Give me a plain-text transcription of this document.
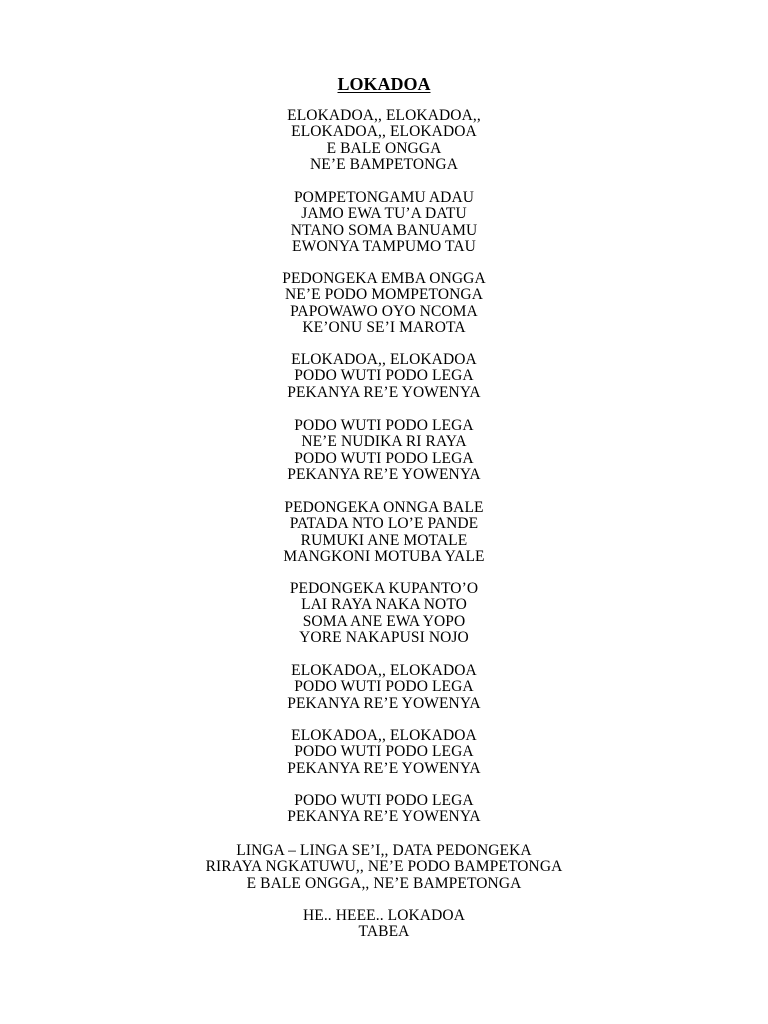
LOKADOA
ELOKADOA,, ELOKADOA,,
ELOKADOA,, ELOKADOA
E BALE ONGGA
NE’E BAMPETONGA
POMPETONGAMU ADAU
JAMO EWA TU’A DATU
NTANO SOMA BANUAMU
EWONYA TAMPUMO TAU
PEDONGEKA EMBA ONGGA
NE’E PODO MOMPETONGA
PAPOWAWO OYO NCOMA
KE’ONU SE’I MAROTA
ELOKADOA,, ELOKADOA
PODO WUTI PODO LEGA
PEKANYA RE’E YOWENYA
PODO WUTI PODO LEGA
NE’E NUDIKA RI RAYA
PODO WUTI PODO LEGA
PEKANYA RE’E YOWENYA
PEDONGEKA ONNGA BALE
PATADA NTO LO’E PANDE
RUMUKI ANE MOTALE
MANGKONI MOTUBA YALE
PEDONGEKA KUPANTO’O
LAI RAYA NAKA NOTO
SOMA ANE EWA YOPO
YORE NAKAPUSI NOJO
ELOKADOA,, ELOKADOA
PODO WUTI PODO LEGA
PEKANYA RE’E YOWENYA
ELOKADOA,, ELOKADOA
PODO WUTI PODO LEGA
PEKANYA RE’E YOWENYA
PODO WUTI PODO LEGA
PEKANYA RE’E YOWENYA
LINGA – LINGA SE’I,, DATA PEDONGEKA
RIRAYA NGKATUWU,, NE’E PODO BAMPETONGA
E BALE ONGGA,, NE’E BAMPETONGA
HE.. HEEE.. LOKADOA
TABEA
